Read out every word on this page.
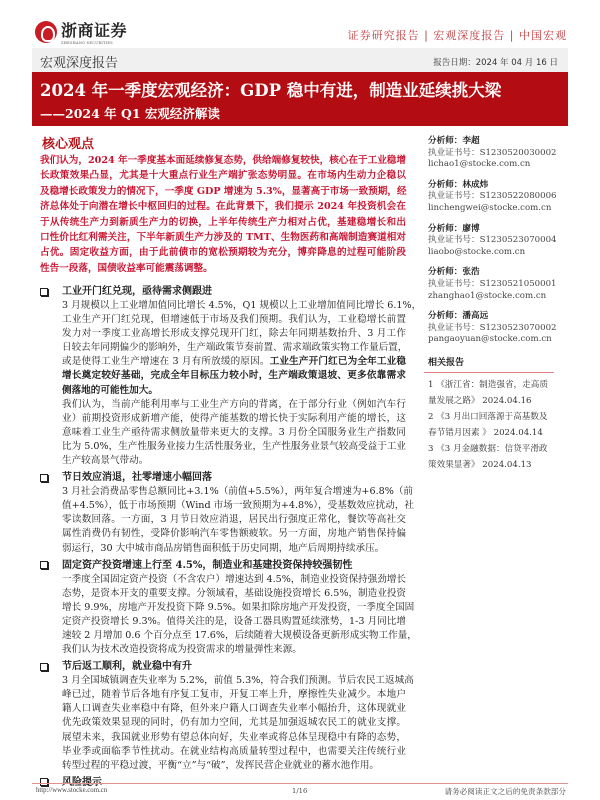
浙商证券
ZHESHANG SECURITIES
证券研究报告 | 宏观深度报告 | 中国宏观
宏观深度报告	报告日期：2024 年 04 月 16 日
2024 年一季度宏观经济：GDP 稳中有进，制造业延续挑大梁
——2024 年 Q1 宏观经济解读
核心观点
我们认为，2024 年一季度基本面延续修复态势，供给端修复较快，核心在于工业稳增
长政策效果凸显，尤其是十大重点行业生产端扩张态势明显。在市场内生动力企稳以
及稳增长政策发力的情况下，一季度 GDP 增速为 5.3%，显著高于市场一致预期，经
济总体处于向潜在增长中枢回归的过程。在此背景下，我们提示 2024 年投资机会在
于从传统生产力到新质生产力的切换，上半年传统生产力相对占优，基建稳增长和出
口性价比红利需关注，下半年新质生产力涉及的 TMT、生物医药和高端制造赛道相对
占优。固定收益方面，由于此前债市的宽松预期较为充分，博弈降息的过程可能阶段
性告一段落，国债收益率可能震荡调整。
工业开门红兑现，亟待需求侧跟进
3 月规模以上工业增加值同比增长 4.5%，Q1 规模以上工业增加值同比增长 6.1%，
工业生产开门红兑现，但增速低于市场及我们预期。我们认为，工业稳增长前置
发力对一季度工业高增长形成支撑兑现开门红，除去年同期基数抬升、3 月工作
日较去年同期偏少的影响外，生产端政策节奏前置、需求端政策实物工作量后置，
或是使得工业生产增速在 3 月有所放缓的原因。工业生产开门红已为全年工业稳
增长奠定较好基础，完成全年目标压力较小时，生产端政策退坡、更多依靠需求
侧落地的可能性加大。
我们认为，当前产能利用率与工业生产方向的背离，在于部分行业（例如汽车行
业）前期投资形成新增产能，使得产能基数的增长快于实际利用产能的增长，这
意味着工业生产亟待需求侧放量带来更大的支撑。3 月份全国服务业生产指数同
比为 5.0%，生产性服务业接力生活性服务业，生产性服务业景气较高受益于工业
生产较高景气带动。
节日效应消退，社零增速小幅回落
3 月社会消费品零售总额同比+3.1%（前值+5.5%），两年复合增速为+6.8%（前
值+4.5%），低于市场预期（Wind 市场一致预期为+4.8%），受基数效应扰动，社
零读数回落。一方面，3 月节日效应消退，居民出行强度正常化，餐饮等高社交
属性消费仍有韧性，受降价影响汽车零售额疲软。另一方面，房地产销售保持偏
弱运行，30 大中城市商品房销售面积低于历史同期，地产后周期持续承压。
固定资产投资增速上行至 4.5%，制造业和基建投资保持较强韧性
一季度全国固定资产投资（不含农户）增速达到 4.5%，制造业投资保持强劲增长
态势，是资本开支的重要支撑。分领域看，基础设施投资增长 6.5%，制造业投资
增长 9.9%，房地产开发投资下降 9.5%。如果扣除房地产开发投资，一季度全国固
定资产投资增长 9.3%。值得关注的是，设备工器具购置延续涨势，1-3 月同比增
速较 2 月增加 0.6 个百分点至 17.6%，后续随着大规模设备更新形成实物工作量，
我们认为技术改造投资将成为投资需求的增量弹性来源。
节后返工顺利，就业稳中有升
3 月全国城镇调查失业率为 5.2%，前值 5.3%，符合我们预测。节后农民工返城高
峰已过，随着节后各地有序复工复市，开复工率上升，摩擦性失业减少。本地户
籍人口调查失业率稳中有降，但外来户籍人口调查失业率小幅抬升，这体现就业
优先政策效果显现的同时，仍有加力空间，尤其是加强返城农民工的就业支撑。
展望未来，我国就业形势有望总体向好，失业率或将总体呈现稳中有降的态势，
毕业季或面临季节性扰动。在就业结构高质量转型过程中，也需要关注传统行业
转型过程的平稳过渡，平衡“立”与“破”，发挥民营企业就业的蓄水池作用。
分析师：李超
执业证书号：S1230520030002
lichao1@stocke.com.cn
分析师：林成炜
执业证书号：S1230522080006
linchengwei@stocke.com.cn
分析师：廖博
执业证书号：S1230523070004
liaobo@stocke.com.cn
分析师：张浩
执业证书号：S1230521050001
zhanghao1@stocke.com.cn
分析师：潘高远
执业证书号：S1230523070002
pangaoyuan@stocke.com.cn
相关报告
1 《浙江省：制造强省，走高质
量发展之路》 2024.04.16
2 《3 月出口回落源于高基数及
春节错月因素 》 2024.04.14
3 《3 月金融数据：信贷平滑政
策效果显著》 2024.04.13
http://www.stocke.com.cn	1/16	请务必阅读正文之后的免责条款部分
